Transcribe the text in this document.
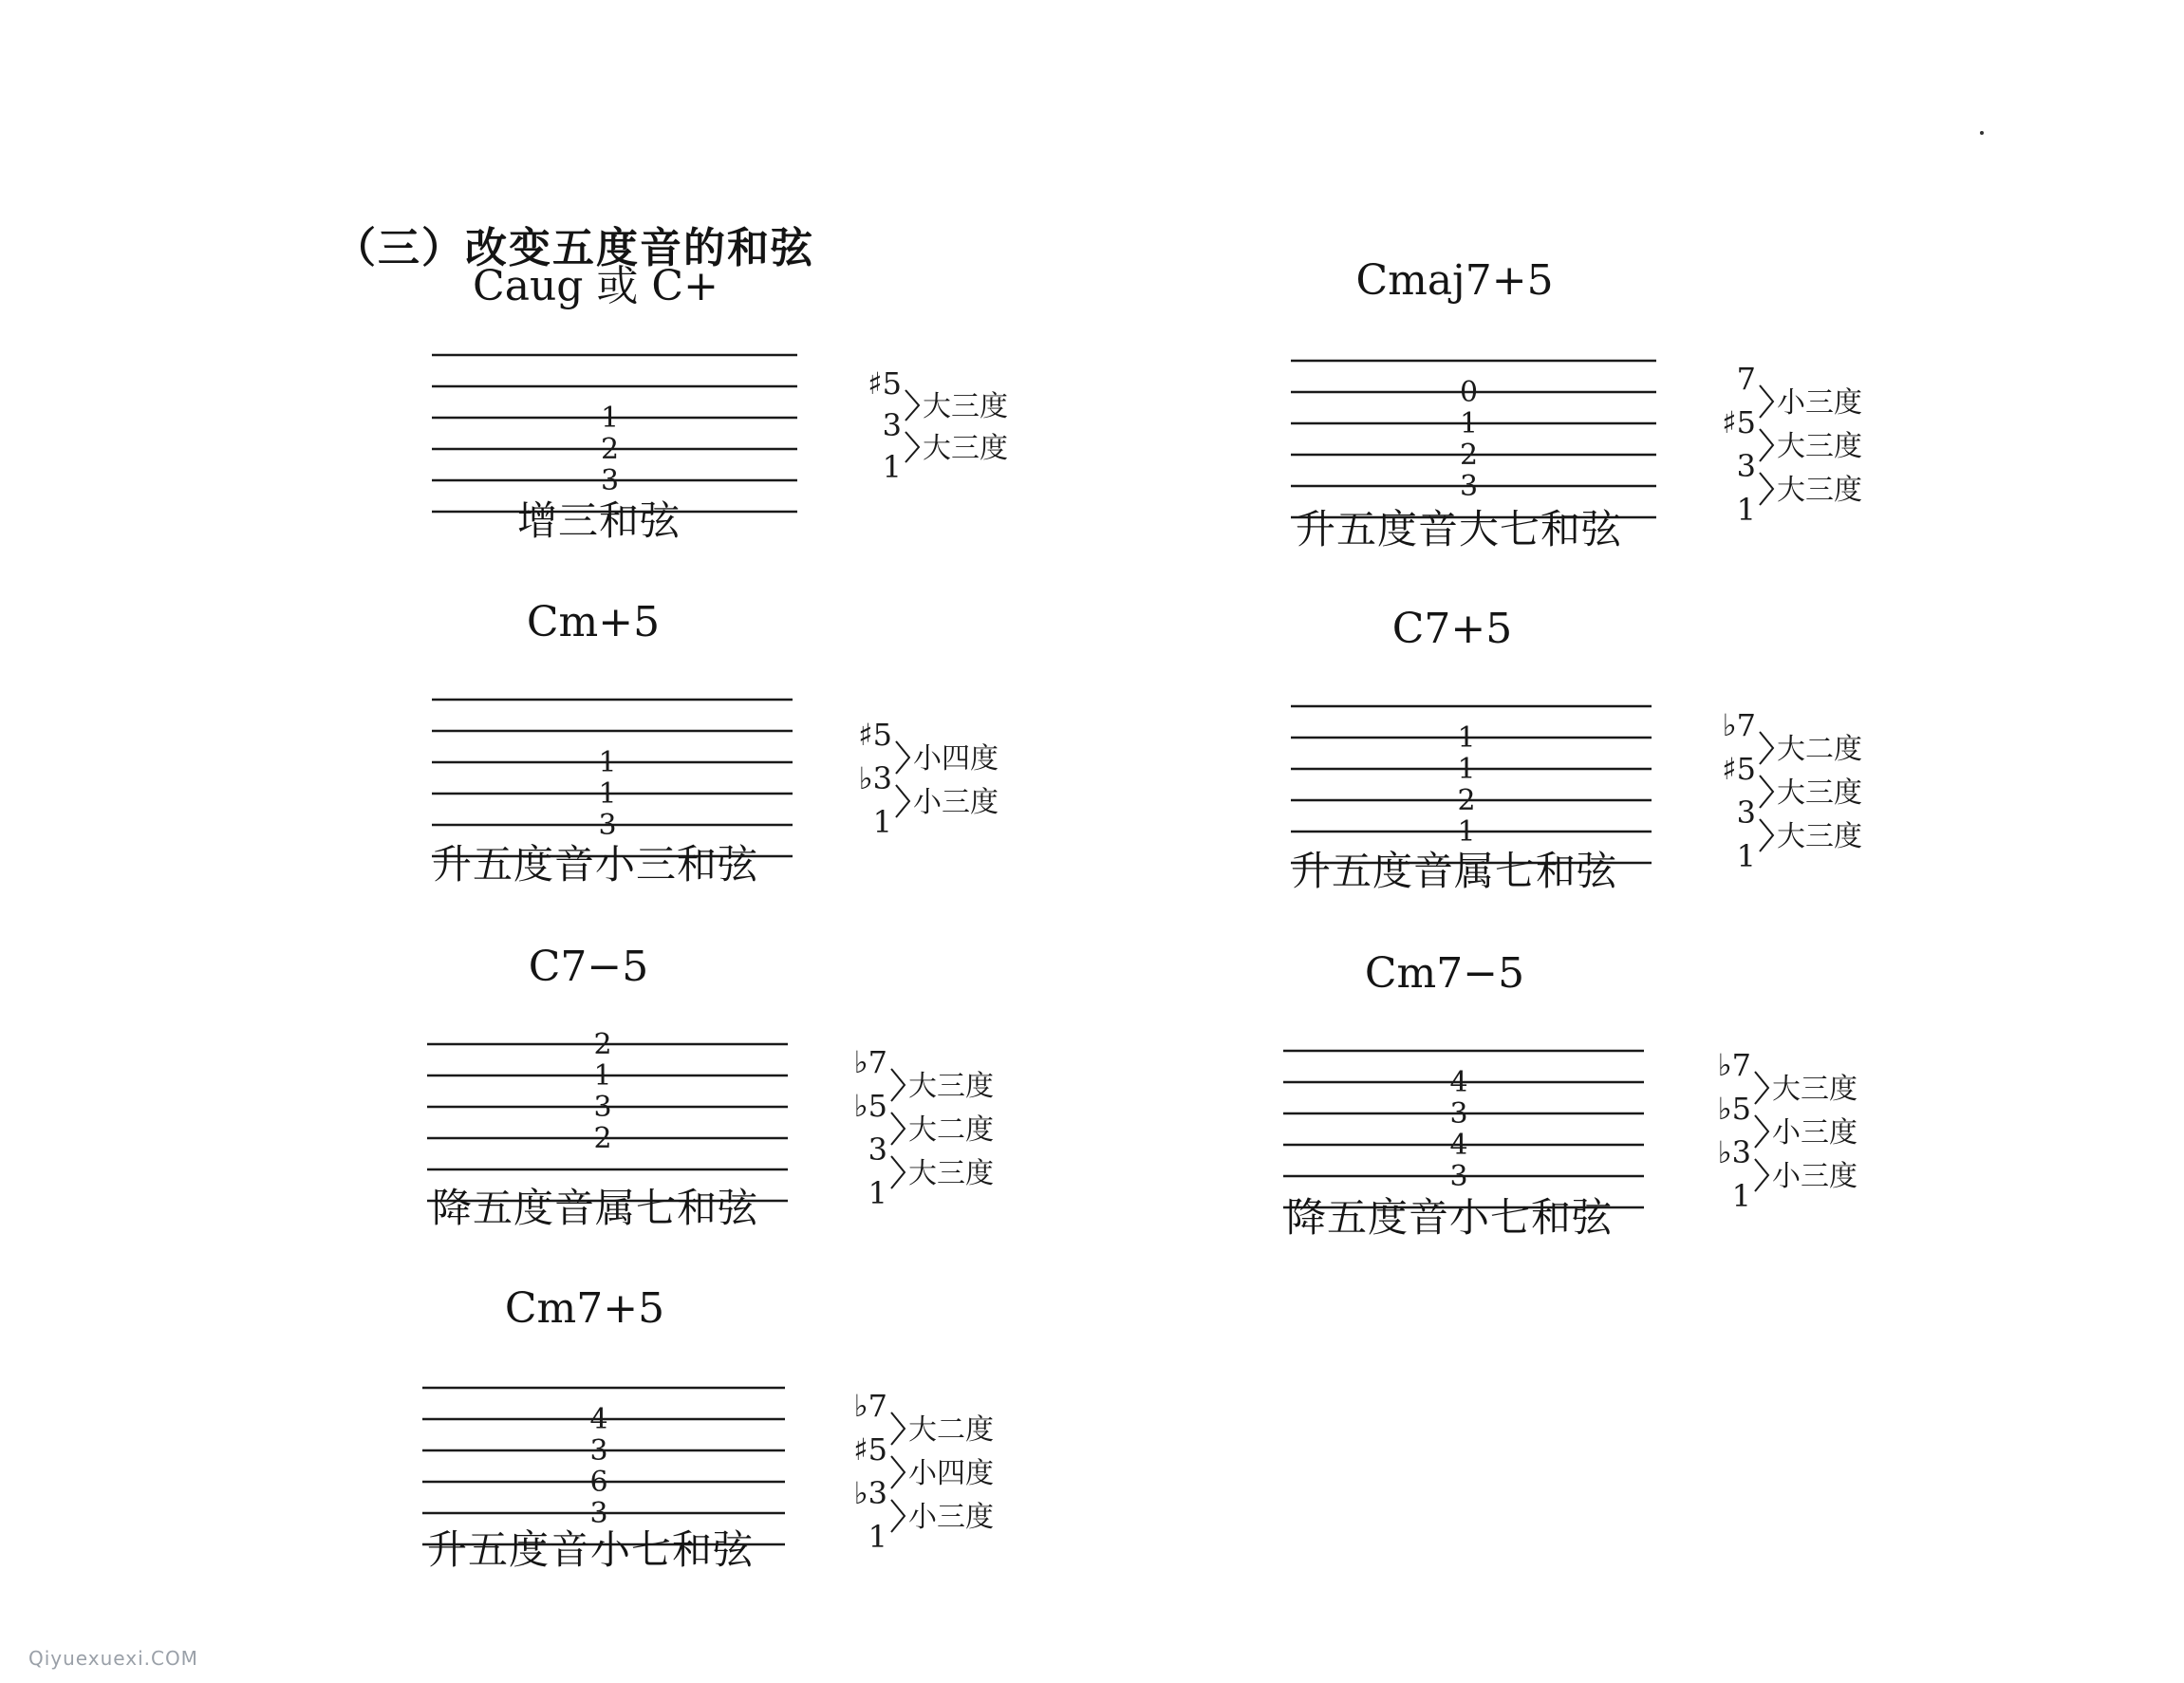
（三）改变五度音的和弦
Caug 或 C+
1
2
3
增三和弦
♯5
3
1
大三度
大三度
Cmaj7+5
0
1
2
3
升五度音大七和弦
7
♯5
3
1
小三度
大三度
大三度
Cm+5
1
1
3
升五度音小三和弦
♯5
♭3
1
小四度
小三度
C7+5
1
1
2
1
升五度音属七和弦
♭7
♯5
3
1
大二度
大三度
大三度
C7−5
2
1
3
2
降五度音属七和弦
♭7
♭5
3
1
大三度
大二度
大三度
Cm7−5
4
3
4
3
降五度音小七和弦
♭7
♭5
♭3
1
大三度
小三度
小三度
Cm7+5
4
3
6
3
升五度音小七和弦
♭7
♯5
♭3
1
大二度
小四度
小三度
Qiyuexuexi.COM
